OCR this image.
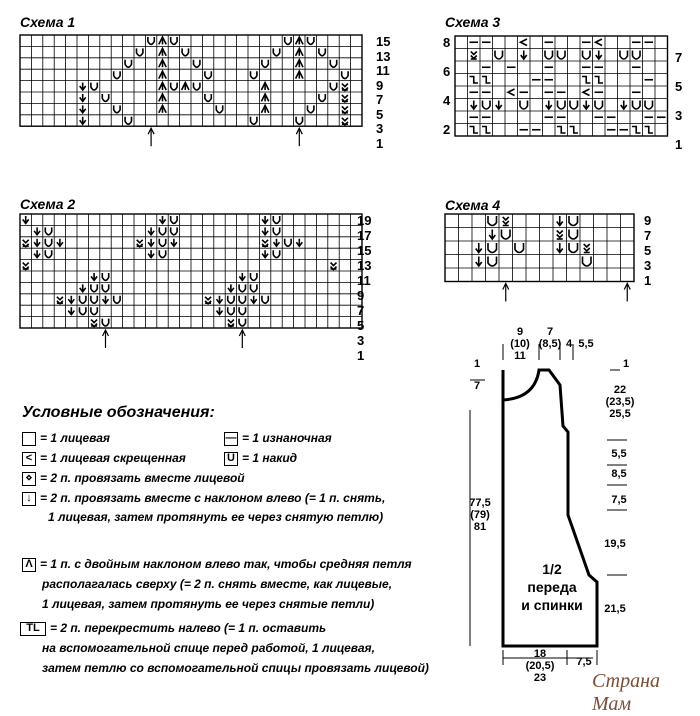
Схема 1
Схема 2
Схема 3
Схема 4
15
13
11
9
7
5
3
1
19
17
15
13
11
9
7
5
3
1
8
6
4
2
7
5
3
1
9
7
5
3
1
Условные обозначения:
= 1 лицевая	— = 1 изнаночная
< = 1 лицевая скрещенная	U = 1 накид
⋄ = 2 п. провязать вместе лицевой
↓ = 2 п. провязать вместе с наклоном влево (= 1 п. снять,
1 лицевая, затем протянуть ее через снятую петлю)
Λ = 1 п. с двойным наклоном влево так, чтобы средняя петля
располагалась сверху (= 2 п. снять вместе, как лицевые,
1 лицевая, затем протянуть ее через снятые петли)
TL = 2 п. перекрестить налево (= 1 п. оставить
на вспомогательной спице перед работой, 1 лицевая,
затем петлю со вспомогательной спицы провязать лицевой)
9
(10)
11
7
(8,5) 4 5,5
1
7
77,5
(79)
81
1
22
(23,5)
25,5
5,5
8,5
7,5
19,5
21,5
1/2
переда
и спинки
18
(20,5)
23
7,5
Страна Мам
